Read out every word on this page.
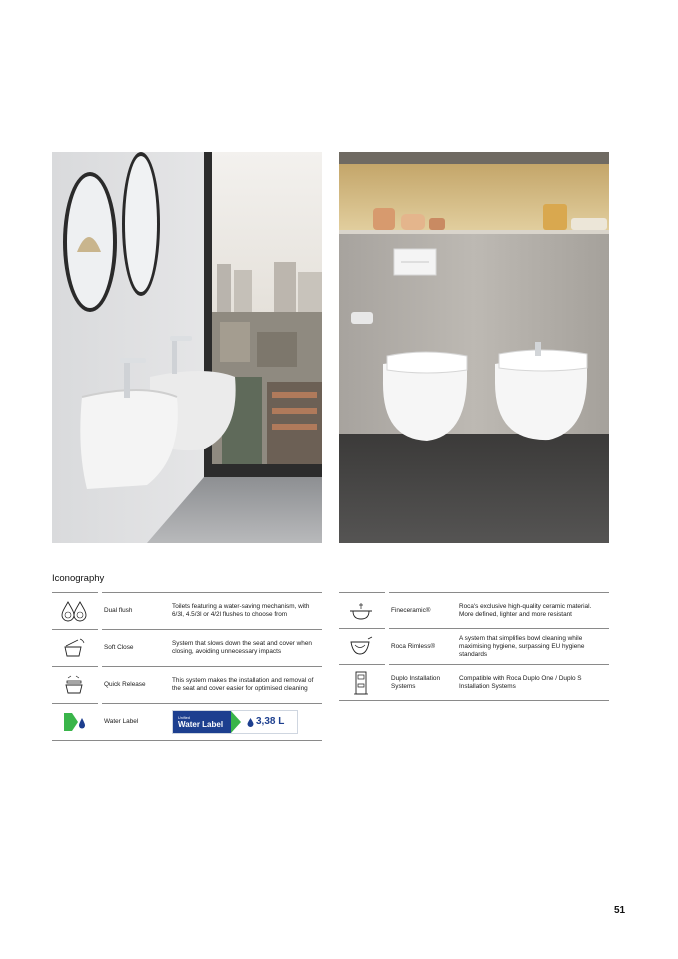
Iconography
Dual flush
Toilets featuring a water-saving mechanism, with 6/3l, 4.5/3l or 4/2l flushes to choose from
Soft Close
System that slows down the seat and cover when closing, avoiding unnecessary impacts
Quick Release
This system makes the installation and removal of the seat and cover easier for optimised cleaning
Water Label
Unified
Water Label	3,38 L
Fineceramic®
Roca's exclusive high-quality ceramic material. More defined, lighter and more resistant
Roca Rimless®
A system that simplifies bowl cleaning while maximising hygiene, surpassing EU hygiene standards
Duplo Installation Systems
Compatible with Roca Duplo One / Duplo S Installation Systems
51
